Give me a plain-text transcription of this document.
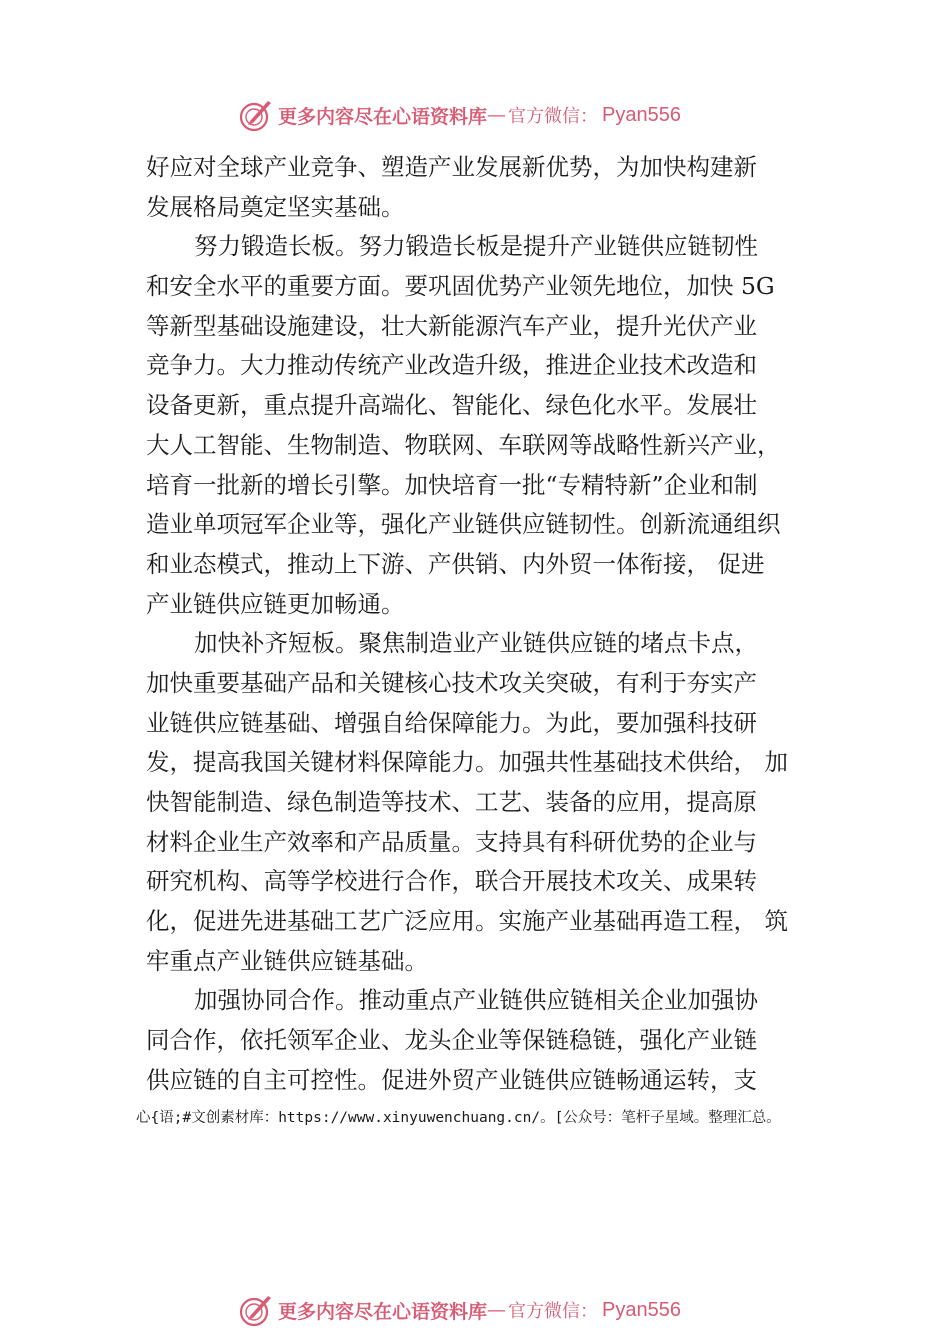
更多内容尽在心语资料库 — 官方微信： Pyan556
好应对全球产业竞争、塑造产业发展新优势，为加快构建新
发展格局奠定坚实基础。
努力锻造长板。努力锻造长板是提升产业链供应链韧性
和安全水平的重要方面。要巩固优势产业领先地位，加快 5G
等新型基础设施建设，壮大新能源汽车产业，提升光伏产业
竞争力。大力推动传统产业改造升级，推进企业技术改造和
设备更新，重点提升高端化、智能化、绿色化水平。发展壮
大人工智能、生物制造、物联网、车联网等战略性新兴产业，
培育一批新的增长引擎。加快培育一批“专精特新”企业和制
造业单项冠军企业等，强化产业链供应链韧性。创新流通组织
和业态模式，推动上下游、产供销、内外贸一体衔接， 促进
产业链供应链更加畅通。
加快补齐短板。聚焦制造业产业链供应链的堵点卡点，
加快重要基础产品和关键核心技术攻关突破，有利于夯实产
业链供应链基础、增强自给保障能力。为此，要加强科技研
发，提高我国关键材料保障能力。加强共性基础技术供给， 加
快智能制造、绿色制造等技术、工艺、装备的应用，提高原
材料企业生产效率和产品质量。支持具有科研优势的企业与
研究机构、高等学校进行合作，联合开展技术攻关、成果转
化，促进先进基础工艺广泛应用。实施产业基础再造工程， 筑
牢重点产业链供应链基础。
加强协同合作。推动重点产业链供应链相关企业加强协
同合作，依托领军企业、龙头企业等保链稳链，强化产业链
供应链的自主可控性。促进外贸产业链供应链畅通运转，支
心{语;#文创素材库：https://www.xinyuwenchuang.cn/。[公众号：笔杆子星域。整理汇总。
更多内容尽在心语资料库 — 官方微信： Pyan556
